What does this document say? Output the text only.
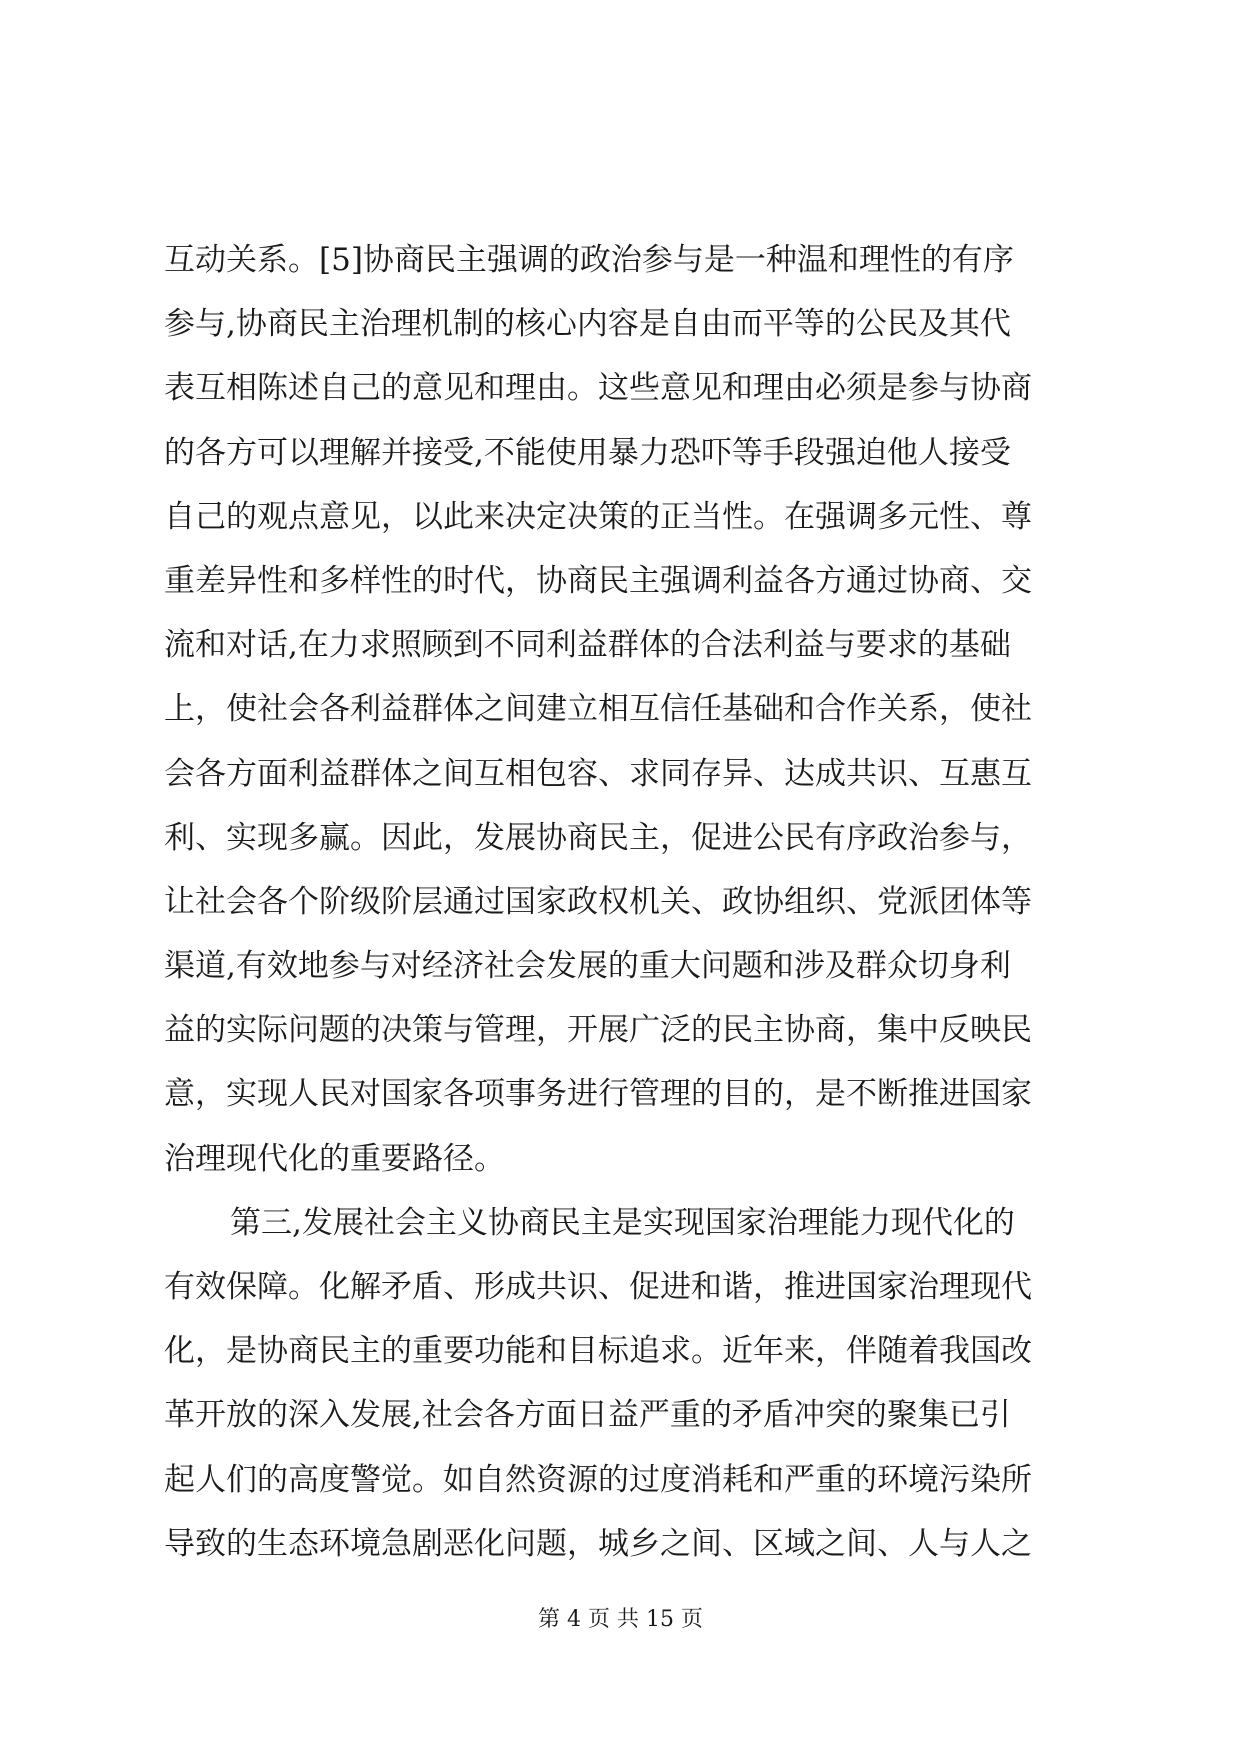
互动关系。[5]协商民主强调的政治参与是一种温和理性的有序
参与,协商民主治理机制的核心内容是自由而平等的公民及其代
表互相陈述自己的意见和理由。这些意见和理由必须是参与协商
的各方可以理解并接受,不能使用暴力恐吓等手段强迫他人接受
自己的观点意见，以此来决定决策的正当性。在强调多元性、尊
重差异性和多样性的时代，协商民主强调利益各方通过协商、交
流和对话,在力求照顾到不同利益群体的合法利益与要求的基础
上，使社会各利益群体之间建立相互信任基础和合作关系，使社
会各方面利益群体之间互相包容、求同存异、达成共识、互惠互
利、实现多赢。因此，发展协商民主，促进公民有序政治参与，
让社会各个阶级阶层通过国家政权机关、政协组织、党派团体等
渠道,有效地参与对经济社会发展的重大问题和涉及群众切身利
益的实际问题的决策与管理，开展广泛的民主协商，集中反映民
意，实现人民对国家各项事务进行管理的目的，是不断推进国家
治理现代化的重要路径。
第三,发展社会主义协商民主是实现国家治理能力现代化的
有效保障。化解矛盾、形成共识、促进和谐，推进国家治理现代
化，是协商民主的重要功能和目标追求。近年来，伴随着我国改
革开放的深入发展,社会各方面日益严重的矛盾冲突的聚集已引
起人们的高度警觉。如自然资源的过度消耗和严重的环境污染所
导致的生态环境急剧恶化问题，城乡之间、区域之间、人与人之
第 4 页 共 15 页
